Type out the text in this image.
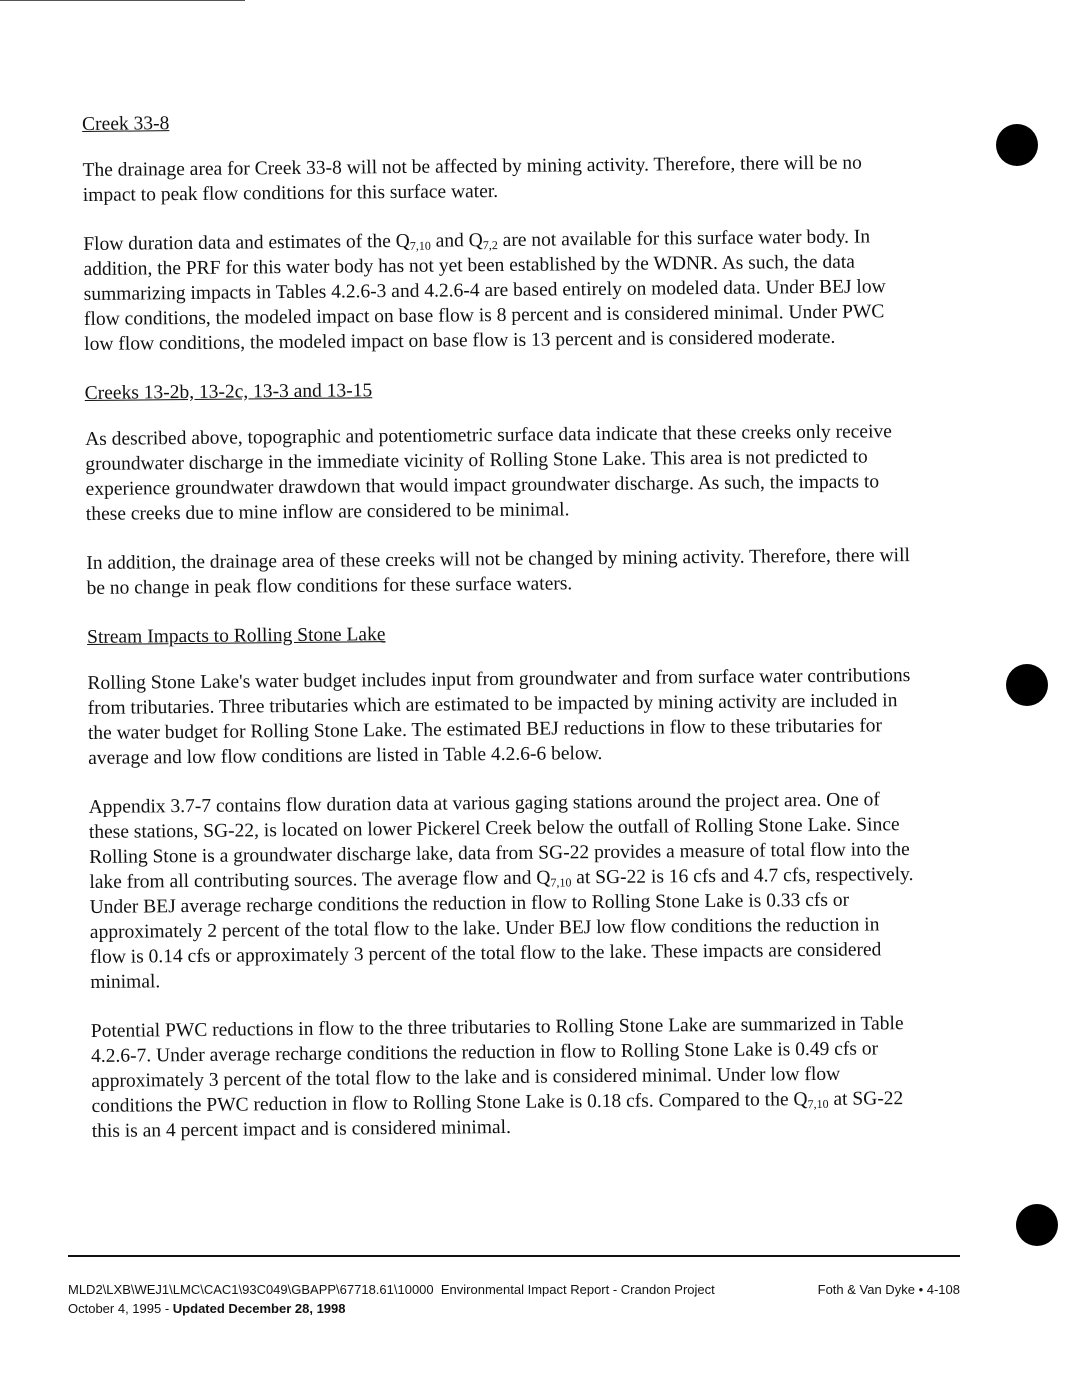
Creek 33-8

The drainage area for Creek 33-8 will not be affected by mining activity. Therefore, there will be no impact to peak flow conditions for this surface water.

Flow duration data and estimates of the $Q_{7,10}$ and $Q_{7,2}$ are not available for this surface water body. In addition, the PRF for this water body has not yet been established by the WDNR. As such, the data summarizing impacts in Tables 4.2.6-3 and 4.2.6-4 are based entirely on modeled data. Under BEJ low flow conditions, the modeled impact on base flow is 8 percent and is considered minimal. Under PWC low flow conditions, the modeled impact on base flow is 13 percent and is considered moderate.

Creeks 13-2b, 13-2c, 13-3 and 13-15

As described above, topographic and potentiometric surface data indicate that these creeks only receive groundwater discharge in the immediate vicinity of Rolling Stone Lake. This area is not predicted to experience groundwater drawdown that would impact groundwater discharge. As such, the impacts to these creeks due to mine inflow are considered to be minimal.

In addition, the drainage area of these creeks will not be changed by mining activity. Therefore, there will be no change in peak flow conditions for these surface waters.

Stream Impacts to Rolling Stone Lake

Rolling Stone Lake's water budget includes input from groundwater and from surface water contributions from tributaries. Three tributaries which are estimated to be impacted by mining activity are included in the water budget for Rolling Stone Lake. The estimated BEJ reductions in flow to these tributaries for average and low flow conditions are listed in Table 4.2.6-6 below.

Appendix 3.7-7 contains flow duration data at various gaging stations around the project area. One of these stations, SG-22, is located on lower Pickerel Creek below the outfall of Rolling Stone Lake. Since Rolling Stone is a groundwater discharge lake, data from SG-22 provides a measure of total flow into the lake from all contributing sources. The average flow and $Q_{7,10}$ at SG-22 is 16 cfs and 4.7 cfs, respectively. Under BEJ average recharge conditions the reduction in flow to Rolling Stone Lake is 0.33 cfs or approximately 2 percent of the total flow to the lake. Under BEJ low flow conditions the reduction in flow is 0.14 cfs or approximately 3 percent of the total flow to the lake. These impacts are considered minimal.

Potential PWC reductions in flow to the three tributaries to Rolling Stone Lake are summarized in Table 4.2.6-7. Under average recharge conditions the reduction in flow to Rolling Stone Lake is 0.49 cfs or approximately 3 percent of the total flow to the lake and is considered minimal. Under low flow conditions the PWC reduction in flow to Rolling Stone Lake is 0.18 cfs. Compared to the $Q_{7,10}$ at SG-22 this is an 4 percent impact and is considered minimal.

MLD2\LXB\WEJ1\LMC\CAC1\93C049\GBAPP\67718.61\10000 Environmental Impact Report - Crandon Project
October 4, 1995 - Updated December 28, 1998
Foth & Van Dyke • 4-108
